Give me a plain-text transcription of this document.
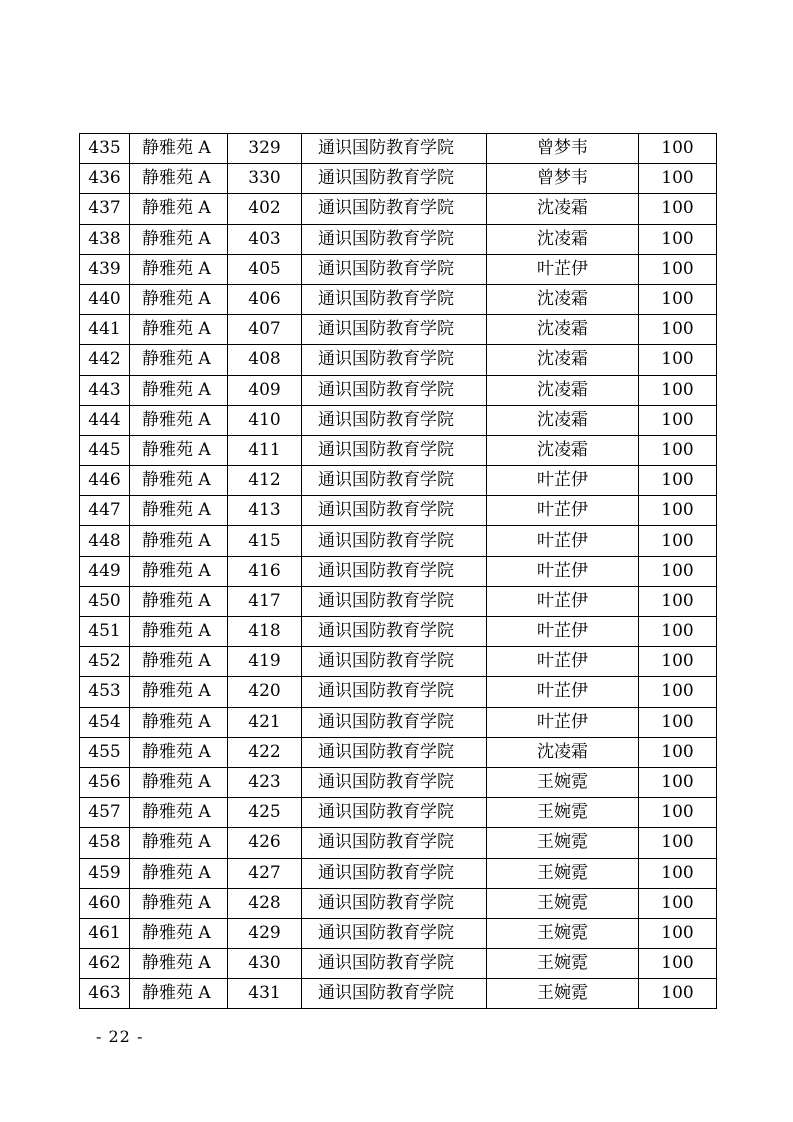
435	静雅苑 A	329	通识国防教育学院	曾梦韦	100
436	静雅苑 A	330	通识国防教育学院	曾梦韦	100
437	静雅苑 A	402	通识国防教育学院	沈凌霜	100
438	静雅苑 A	403	通识国防教育学院	沈凌霜	100
439	静雅苑 A	405	通识国防教育学院	叶芷伊	100
440	静雅苑 A	406	通识国防教育学院	沈凌霜	100
441	静雅苑 A	407	通识国防教育学院	沈凌霜	100
442	静雅苑 A	408	通识国防教育学院	沈凌霜	100
443	静雅苑 A	409	通识国防教育学院	沈凌霜	100
444	静雅苑 A	410	通识国防教育学院	沈凌霜	100
445	静雅苑 A	411	通识国防教育学院	沈凌霜	100
446	静雅苑 A	412	通识国防教育学院	叶芷伊	100
447	静雅苑 A	413	通识国防教育学院	叶芷伊	100
448	静雅苑 A	415	通识国防教育学院	叶芷伊	100
449	静雅苑 A	416	通识国防教育学院	叶芷伊	100
450	静雅苑 A	417	通识国防教育学院	叶芷伊	100
451	静雅苑 A	418	通识国防教育学院	叶芷伊	100
452	静雅苑 A	419	通识国防教育学院	叶芷伊	100
453	静雅苑 A	420	通识国防教育学院	叶芷伊	100
454	静雅苑 A	421	通识国防教育学院	叶芷伊	100
455	静雅苑 A	422	通识国防教育学院	沈凌霜	100
456	静雅苑 A	423	通识国防教育学院	王婉霓	100
457	静雅苑 A	425	通识国防教育学院	王婉霓	100
458	静雅苑 A	426	通识国防教育学院	王婉霓	100
459	静雅苑 A	427	通识国防教育学院	王婉霓	100
460	静雅苑 A	428	通识国防教育学院	王婉霓	100
461	静雅苑 A	429	通识国防教育学院	王婉霓	100
462	静雅苑 A	430	通识国防教育学院	王婉霓	100
463	静雅苑 A	431	通识国防教育学院	王婉霓	100
- 22 -
